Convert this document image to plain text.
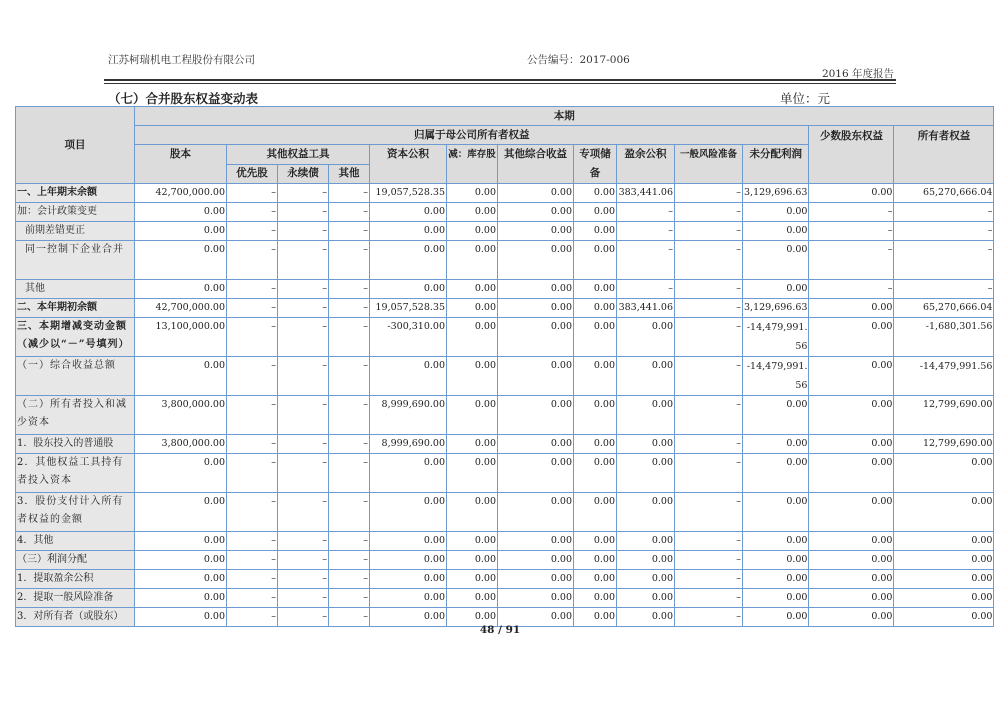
江苏柯瑞机电工程股份有限公司	公告编号：2017-006
2016 年度报告
（七）合并股东权益变动表	单位：元
项目	本期												
	归属于母公司所有者权益											少数股东权益	所有者权益
	股本	其他权益工具			资本公积	减：库存股	其他综合收益	专项储备	盈余公积	一般风险准备	未分配利润		
		优先股	永续债	其他									
一、上年期末余额	42,700,000.00	–	–	–	19,057,528.35	0.00	0.00	0.00	383,441.06	–	3,129,696.63	0.00	65,270,666.04
加：会计政策变更	0.00	–	–	–	0.00	0.00	0.00	0.00	–	–	0.00	–	–
前期差错更正	0.00	–	–	–	0.00	0.00	0.00	0.00	–	–	0.00	–	–
同一控制下企业合并	0.00	–	–	–	0.00	0.00	0.00	0.00	–	–	0.00	–	–
其他	0.00	–	–	–	0.00	0.00	0.00	0.00	–	–	0.00	–	–
二、本年期初余额	42,700,000.00	–	–	–	19,057,528.35	0.00	0.00	0.00	383,441.06	–	3,129,696.63	0.00	65,270,666.04
三、本期增减变动金额（减少以“－”号填列）	13,100,000.00	–	–	–	-300,310.00	0.00	0.00	0.00	0.00	–	-14,479,991.56	0.00	-1,680,301.56
（一）综合收益总额	0.00	–	–	–	0.00	0.00	0.00	0.00	0.00	–	-14,479,991.56	0.00	-14,479,991.56
（二）所有者投入和减少资本	3,800,000.00	–	–	–	8,999,690.00	0.00	0.00	0.00	0.00	–	0.00	0.00	12,799,690.00
1．股东投入的普通股	3,800,000.00	–	–	–	8,999,690.00	0.00	0.00	0.00	0.00	–	0.00	0.00	12,799,690.00
2．其他权益工具持有者投入资本	0.00	–	–	–	0.00	0.00	0.00	0.00	0.00	–	0.00	0.00	0.00
3．股份支付计入所有者权益的金额	0.00	–	–	–	0.00	0.00	0.00	0.00	0.00	–	0.00	0.00	0.00
4．其他	0.00	–	–	–	0.00	0.00	0.00	0.00	0.00	–	0.00	0.00	0.00
（三）利润分配	0.00	–	–	–	0.00	0.00	0.00	0.00	0.00	–	0.00	0.00	0.00
1．提取盈余公积	0.00	–	–	–	0.00	0.00	0.00	0.00	0.00	–	0.00	0.00	0.00
2．提取一般风险准备	0.00	–	–	–	0.00	0.00	0.00	0.00	0.00	–	0.00	0.00	0.00
3．对所有者（或股东）	0.00	–	–	–	0.00	0.00	0.00	0.00	0.00	–	0.00	0.00	0.00
48 / 91
